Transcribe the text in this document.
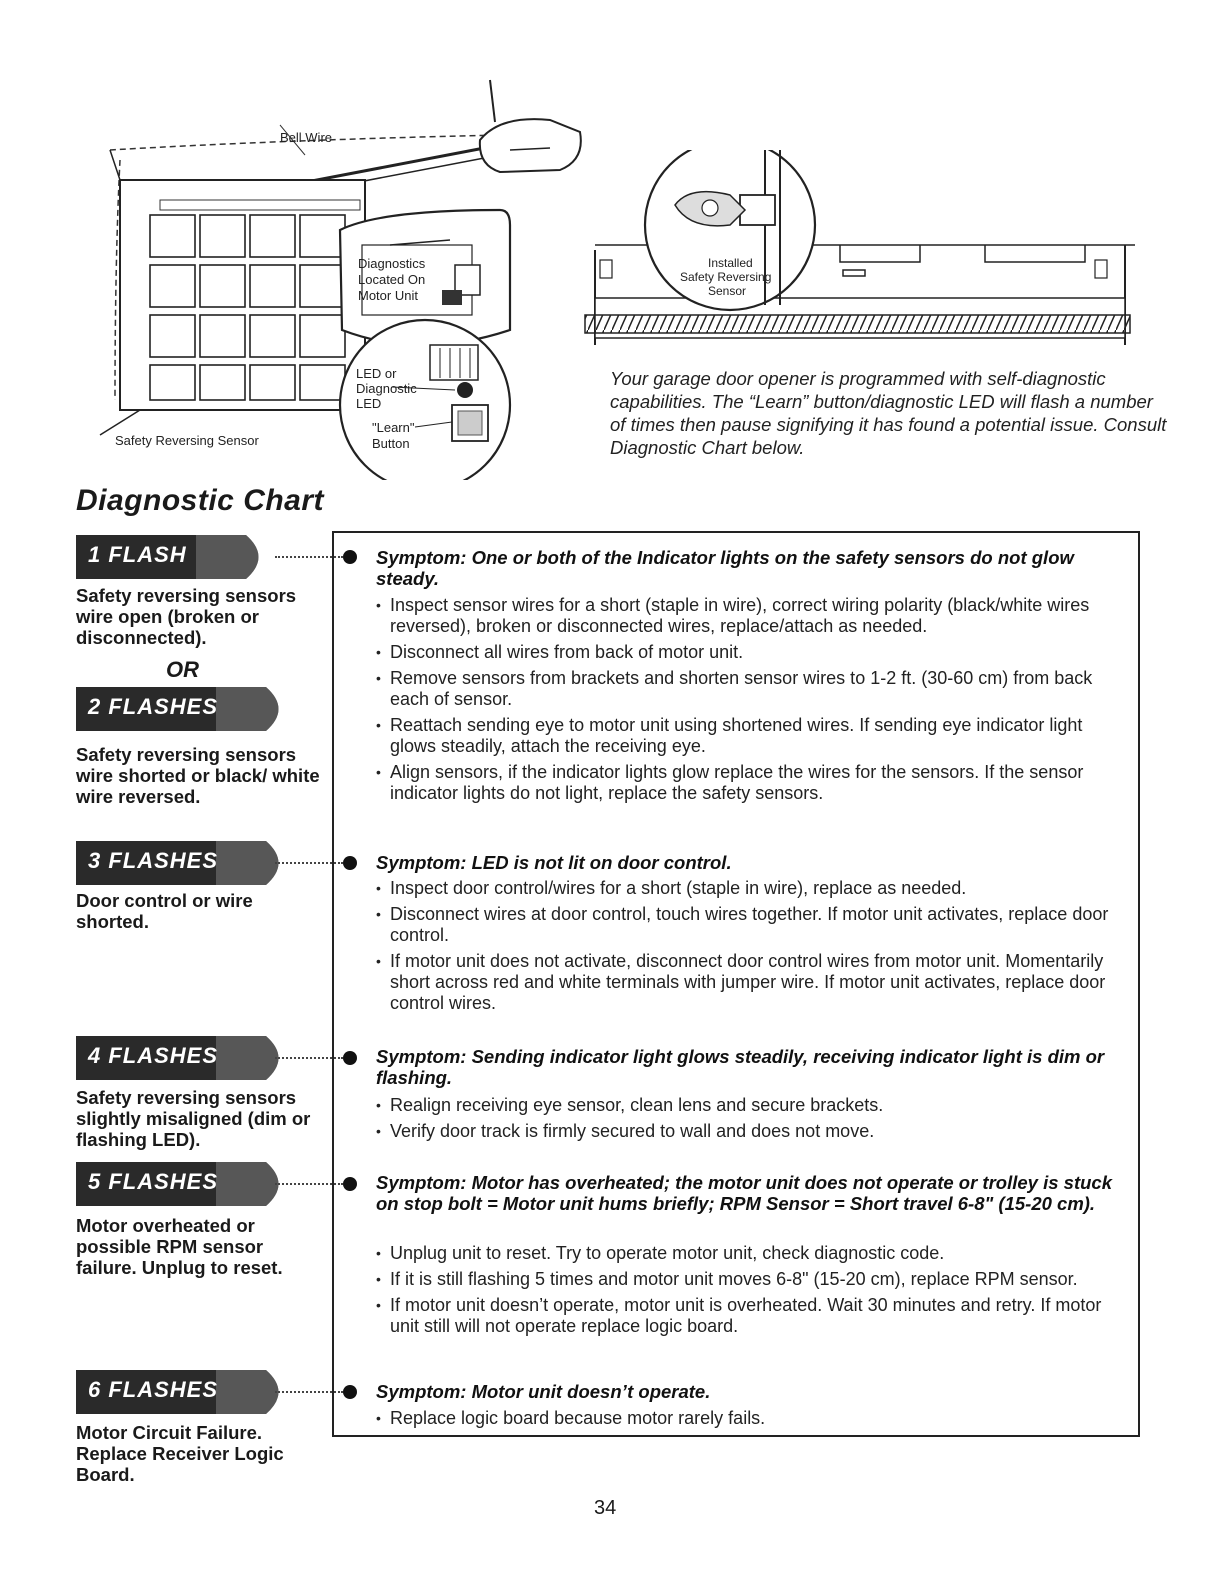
Bell Wire
Safety Reversing Sensor
Diagnostics
Located On
Motor Unit
LED or
Diagnostic
LED
"Learn"
Button
Installed
Safety Reversing
Sensor
Your garage door opener is programmed with self-diagnostic capabilities. The “Learn” button/diagnostic LED will flash a number of times then pause signifying it has found a potential issue. Consult Diagnostic Chart below.
Diagnostic Chart
1 FLASH
Safety reversing sensors wire open (broken or disconnected).
OR
2 FLASHES
Safety reversing sensors wire shorted or black/ white wire reversed.
3 FLASHES
Door control or wire shorted.
4 FLASHES
Safety reversing sensors slightly misaligned (dim or flashing LED).
5 FLASHES
Motor overheated or possible RPM sensor failure. Unplug to reset.
6 FLASHES
Motor Circuit Failure. Replace Receiver Logic Board.
Symptom: One or both of the Indicator lights on the safety sensors do not glow steady.
• Inspect sensor wires for a short (staple in wire), correct wiring polarity (black/white wires reversed), broken or disconnected wires, replace/attach as needed.
• Disconnect all wires from back of motor unit.
• Remove sensors from brackets and shorten sensor wires to 1-2 ft. (30-60 cm) from back each of sensor.
• Reattach sending eye to motor unit using shortened wires. If sending eye indicator light glows steadily, attach the receiving eye.
• Align sensors, if the indicator lights glow replace the wires for the sensors. If the sensor indicator lights do not light, replace the safety sensors.
Symptom: LED is not lit on door control.
• Inspect door control/wires for a short (staple in wire), replace as needed.
• Disconnect wires at door control, touch wires together. If motor unit activates, replace door control.
• If motor unit does not activate, disconnect door control wires from motor unit. Momentarily short across red and white terminals with jumper wire. If motor unit activates, replace door control wires.
Symptom: Sending indicator light glows steadily, receiving indicator light is dim or flashing.
• Realign receiving eye sensor, clean lens and secure brackets.
• Verify door track is firmly secured to wall and does not move.
Symptom: Motor has overheated; the motor unit does not operate or trolley is stuck on stop bolt = Motor unit hums briefly; RPM Sensor = Short travel 6-8" (15-20 cm).
• Unplug unit to reset. Try to operate motor unit, check diagnostic code.
• If it is still flashing 5 times and motor unit moves 6-8" (15-20 cm), replace RPM sensor.
• If motor unit doesn’t operate, motor unit is overheated. Wait 30 minutes and retry. If motor unit still will not operate replace logic board.
Symptom: Motor unit doesn’t operate.
• Replace logic board because motor rarely fails.
34
